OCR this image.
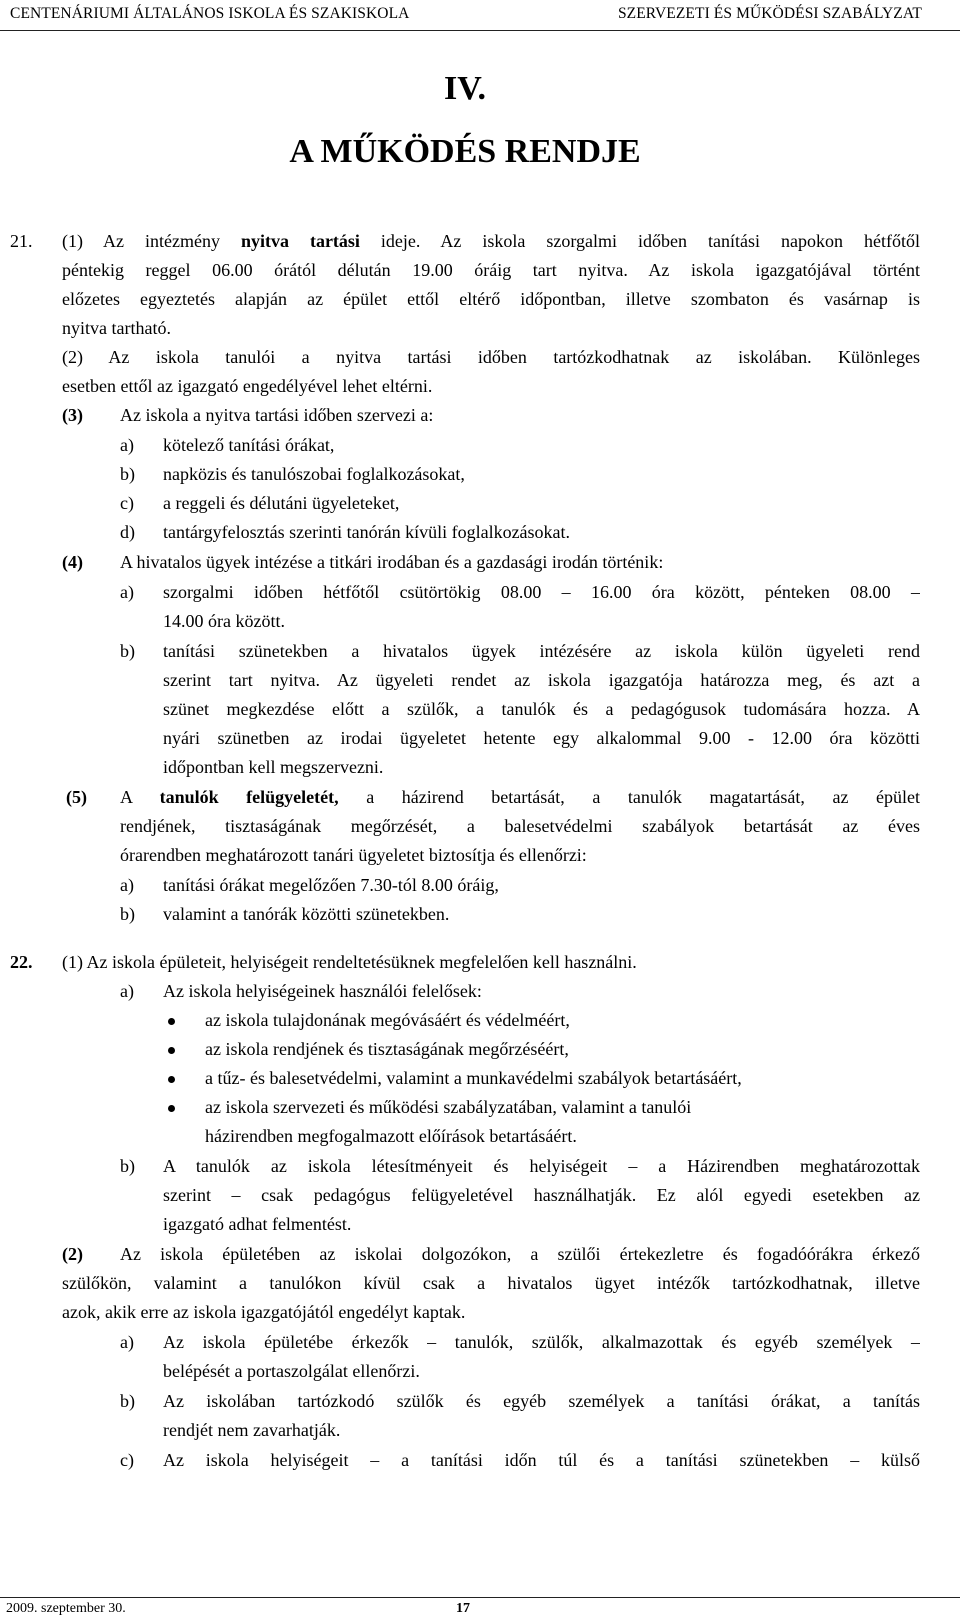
CENTENÁRIUMI ÁLTALÁNOS ISKOLA ÉS SZAKISKOLA	SZERVEZETI ÉS MŰKÖDÉSI SZABÁLYZAT
IV.
A MŰKÖDÉS RENDJE
21. (1) Az intézmény nyitva tartási ideje. Az iskola szorgalmi időben tanítási napokon hétfőtől
péntekig reggel 06.00 órától délután 19.00 óráig tart nyitva. Az iskola igazgatójával történt
előzetes egyeztetés alapján az épület ettől eltérő időpontban, illetve szombaton és vasárnap is
nyitva tartható.
(2) Az iskola tanulói a nyitva tartási időben tartózkodhatnak az iskolában. Különleges
esetben ettől az igazgató engedélyével lehet eltérni.
(3) Az iskola a nyitva tartási időben szervezi a:
a) kötelező tanítási órákat,
b) napközis és tanulószobai foglalkozásokat,
c) a reggeli és délutáni ügyeleteket,
d) tantárgyfelosztás szerinti tanórán kívüli foglalkozásokat.
(4) A hivatalos ügyek intézése a titkári irodában és a gazdasági irodán történik:
a) szorgalmi időben hétfőtől csütörtökig 08.00 – 16.00 óra között, pénteken 08.00 –
14.00 óra között.
b) tanítási szünetekben a hivatalos ügyek intézésére az iskola külön ügyeleti rend
szerint tart nyitva. Az ügyeleti rendet az iskola igazgatója határozza meg, és azt a
szünet megkezdése előtt a szülők, a tanulók és a pedagógusok tudomására hozza. A
nyári szünetben az irodai ügyeletet hetente egy alkalommal 9.00 - 12.00 óra közötti
időpontban kell megszervezni.
(5) A tanulók felügyeletét, a házirend betartását, a tanulók magatartását, az épület
rendjének, tisztaságának megőrzését, a balesetvédelmi szabályok betartását az éves
órarendben meghatározott tanári ügyeletet biztosítja és ellenőrzi:
a) tanítási órákat megelőzően 7.30-tól 8.00 óráig,
b) valamint a tanórák közötti szünetekben.
22. (1) Az iskola épületeit, helyiségeit rendeltetésüknek megfelelően kell használni.
a) Az iskola helyiségeinek használói felelősek:
az iskola tulajdonának megóvásáért és védelméért,
az iskola rendjének és tisztaságának megőrzéséért,
a tűz- és balesetvédelmi, valamint a munkavédelmi szabályok betartásáért,
az iskola szervezeti és működési szabályzatában, valamint a tanulói
házirendben megfogalmazott előírások betartásáért.
b) A tanulók az iskola létesítményeit és helyiségeit – a Házirendben meghatározottak
szerint – csak pedagógus felügyeletével használhatják. Ez alól egyedi esetekben az
igazgató adhat felmentést.
(2) Az iskola épületében az iskolai dolgozókon, a szülői értekezletre és fogadóórákra érkező
szülőkön, valamint a tanulókon kívül csak a hivatalos ügyet intézők tartózkodhatnak, illetve
azok, akik erre az iskola igazgatójától engedélyt kaptak.
a) Az iskola épületébe érkezők – tanulók, szülők, alkalmazottak és egyéb személyek –
belépését a portaszolgálat ellenőrzi.
b) Az iskolában tartózkodó szülők és egyéb személyek a tanítási órákat, a tanítás
rendjét nem zavarhatják.
c) Az iskola helyiségeit – a tanítási időn túl és a tanítási szünetekben – külső
2009. szeptember 30.	17
